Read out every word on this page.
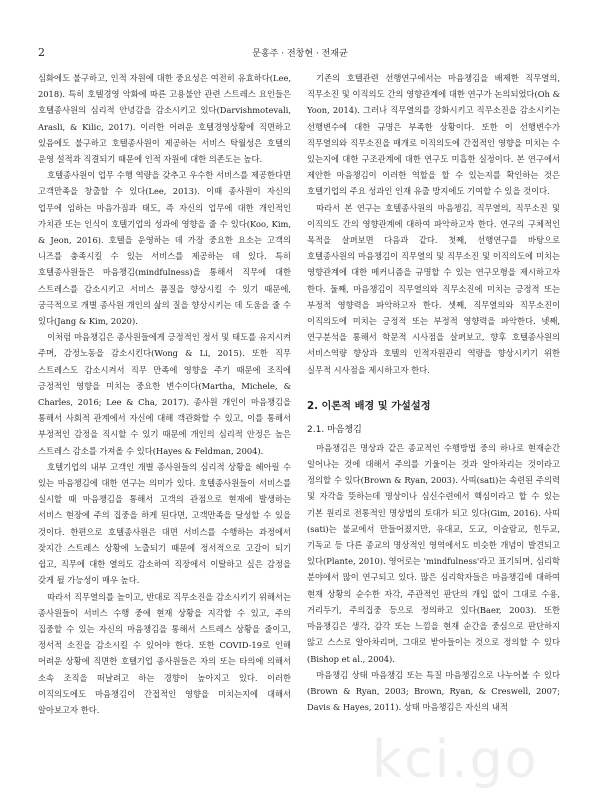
2	문홍주 · 전창현 · 전재균

심화에도 불구하고, 인적 자원에 대한 중요성은 여전히 유효하다(Lee, 2018). 특히 호텔경영 악화에 따른 고용불안 관련 스트레스 요인들은 호텔종사원의 심리적 안녕감을 감소시키고 있다(Darvishmotevali, Arasli, & Kilic, 2017). 이러한 어려운 호텔경영상황에 직면하고 있음에도 불구하고 호텔종사원이 제공하는 서비스 탁월성은 호텔의 운영 설적과 직결되기 때문에 인적 자원에 대한 의존도는 높다.

호텔종사원이 업무 수행 역량을 갖추고 우수한 서비스를 제공한다면 고객만족을 창출할 수 있다(Lee, 2013). 이때 종사원이 자신의 업무에 임하는 마음가짐과 태도, 즉 자신의 업무에 대한 개인적인 가치관 또는 인식이 호텔기업의 성과에 영향을 줄 수 있다(Koo, Kim, & Jeon, 2016). 호텔을 운영하는 데 가장 중요한 요소는 고객의 니즈를 충족시킬 수 있는 서비스를 제공하는 데 있다. 특히 호텔종사원들은 마음챙김(mindfulness)을 통해서 직무에 대한 스트레스를 감소시키고 서비스 품질을 향상시킬 수 있기 때문에, 궁극적으로 개별 종사원 개인의 삶의 질을 향상시키는 데 도움을 줄 수 있다(Jang & Kim, 2020).

이처럼 마음챙김은 종사원들에게 긍정적인 정서 및 태도를 유지시켜 주며, 감정노동을 감소시킨다(Wong & Li, 2015). 또한 직무 스트레스도 감소시켜서 직무 만족에 영향을 주기 때문에 조직에 긍정적인 영향을 미치는 중요한 변수이다(Martha, Michele, & Charles, 2016; Lee & Cha, 2017). 종사원 개인이 마음챙김을 통해서 사회적 관계에서 자신에 대해 객관화할 수 있고, 이를 통해서 부정적인 감정을 직시할 수 있기 때문에 개인의 심리적 안정은 높은 스트레스 감소를 가져올 수 있다(Hayes & Feldman, 2004).

호텔기업의 내부 고객인 개별 종사원들의 심리적 상황을 헤아릴 수 있는 마음챙김에 대한 연구는 의미가 있다. 호텔종사원들이 서비스를 실시할 때 마음챙김을 통해서 고객의 관점으로 현재에 발생하는 서비스 현장에 주의 집중을 하게 된다면, 고객만족을 달성할 수 있을 것이다. 한편으로 호텔종사원은 대면 서비스를 수행하는 과정에서 잦지간 스트레스 상황에 노출되기 때문에 정서적으로 고갈이 되기 쉽고, 직무에 대한 열의도 감소하여 직장에서 이탈하고 싶은 감정을 갖게 될 가능성이 매우 높다.

따라서 직무열의를 높이고, 반대로 직무소진을 감소시키기 위해서는 종사원들이 서비스 수행 중에 현재 상황을 지각할 수 있고, 주의 집중할 수 있는 자신의 마음챙김을 통해서 스트레스 상황을 줄이고, 정서적 소진을 감소시킬 수 있어야 한다. 또한 COVID-19로 인해 어려운 상황에 직면한 호텔기업 종사원들은 자의 또는 타의에 의해서 소속 조직을 떠날려고 하는 경향이 높아지고 있다. 이러한 이직의도에도 마음챙김이 간접적인 영향을 미치는지에 대해서 알아보고자 한다.

기존의 호텔관련 선행연구에서는 마음챙김을 배제한 직무열의, 직무소진 및 이직의도 간의 영향관계에 대한 연구가 논의되었다(Oh & Yoon, 2014). 그러나 직무열의를 강화시키고 직무소진을 감소시키는 선행변수에 대한 규명은 부족한 상황이다. 또한 이 선행변수가 직무열의와 직무소진을 매개로 이직의도에 간접적인 영향을 미치는 수 있는지에 대한 구조관계에 대한 연구도 미흡한 실정이다. 본 연구에서 제안한 마음챙김이 이러한 역할을 할 수 있는지를 확인하는 것은 호텔기업의 주요 성과인 인재 유출 방지에도 기여할 수 있을 것이다.

따라서 본 연구는 호텔종사원의 마음챙김, 직무열의, 직무소진 및 이직의도 간의 영향관계에 대하여 파악하고자 한다. 연구의 구체적인 목적을 살펴보면 다음과 같다. 첫째, 선행연구를 바탕으로 호텔종사원의 마음챙김이 직무열의 및 직무소진 및 이직의도에 미치는 영향관계에 대한 메커니즘을 규명할 수 있는 연구모형을 제시하고자 한다. 둘째, 마음챙김이 직무열의와 직무소진에 미치는 긍정적 또는 부정적 영향력을 파악하고자 한다. 셋째, 직무열의와 직무소진이 이직의도에 미치는 긍정적 또는 부정적 영향력을 파악한다. 넷째, 연구분석을 통해서 학문적 시사점을 살펴보고, 향후 호텔종사원의 서비스역량 향상과 호텔의 인적자원관리 역량을 향상시키기 위한 실무적 시사점을 제시하고자 한다.

2. 이론적 배경 및 가설설정
2.1. 마음챙김

마음챙김은 명상과 같은 종교적인 수행방법 중의 하나로 현재순간 일어나는 것에 대해서 주의를 기울이는 것과 알아차리는 것이라고 정의할 수 있다(Brown & Ryan, 2003). 사띠(sati)는 속련된 주의력 및 자각을 뜻하는데 명상이나 심신수련에서 핵심이라고 할 수 있는 기본 원리로 전통적인 명상법의 토대가 되고 있다(Gim, 2016). 사띠(sati)는 불교에서 만들어졌지만, 유대교, 도교, 이슬람교, 힌두교, 기독교 등 다른 종교의 명상적인 영역에서도 비슷한 개념이 발견되고 있다(Plante, 2010). 영어로는 'mindfulness'라고 표기되며, 심리학 분야에서 많이 연구되고 있다. 많은 심리학자들은 마음챙김에 대하여 현재 상황의 순수한 자각, 주관적인 판단의 개입 없이 그대로 수용, 거리두기, 주의집중 등으로 정의하고 있다(Baer, 2003). 또한 마음챙김은 생각, 감각 또는 느낌을 현재 순간을 중심으로 판단하지 않고 스스로 알아차리며, 그대로 받아들이는 것으로 정의할 수 있다(Bishop et al., 2004).

마음챙김 상태 마음챙김 또는 특질 마음챙김으로 나누어볼 수 있다(Brown & Ryan, 2003; Brown, Ryan, & Creswell, 2007; Davis & Hayes, 2011). 상태 마음챙김은 자신의 내적

kci.go
